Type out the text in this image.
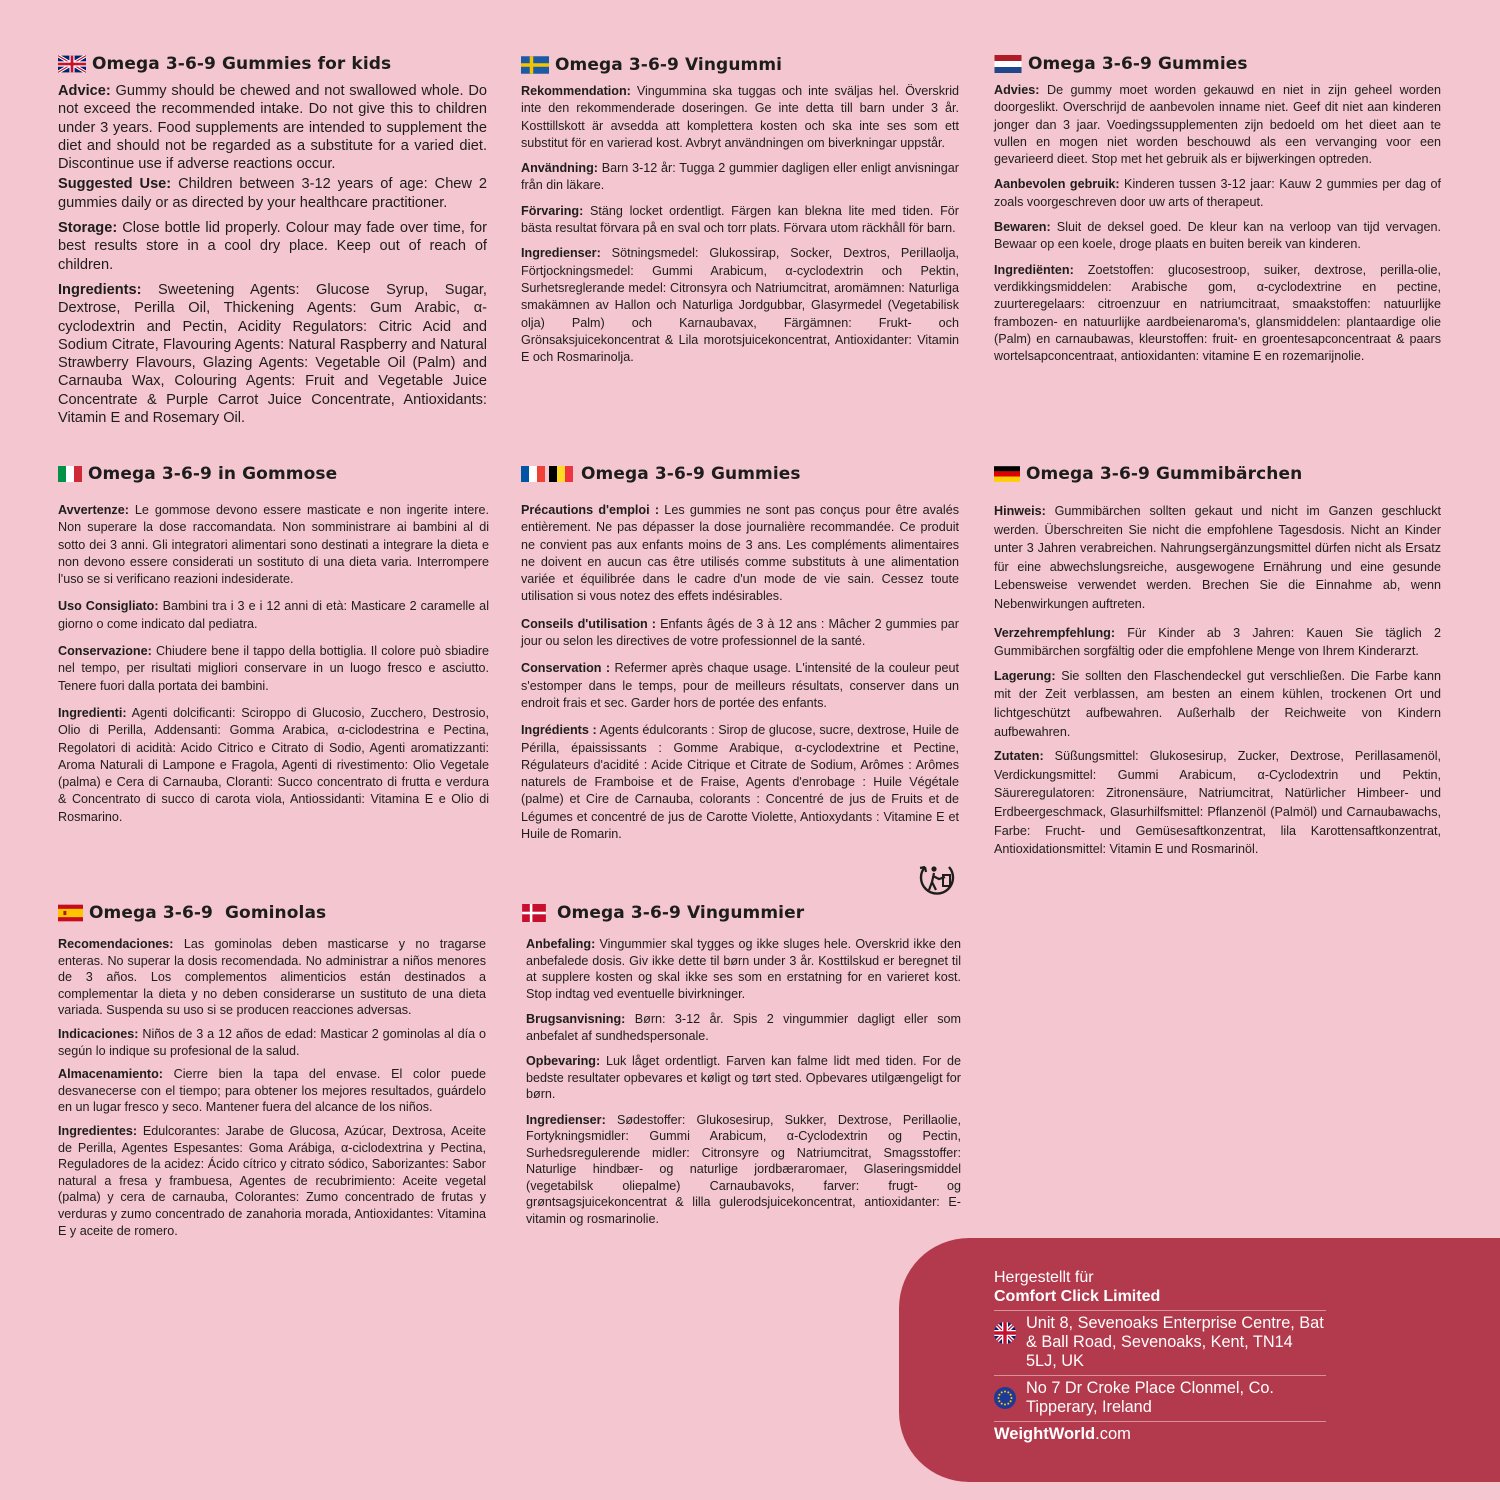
Omega 3-6-9 Gummies for kids

Advice: Gummy should be chewed and not swallowed whole. Do not exceed the recommended intake. Do not give this to children under 3 years. Food supplements are intended to supplement the diet and should not be regarded as a substitute for a varied diet. Discontinue use if adverse reactions occur.

Suggested Use: Children between 3-12 years of age: Chew 2 gummies daily or as directed by your healthcare practitioner.

Storage: Close bottle lid properly. Colour may fade over time, for best results store in a cool dry place. Keep out of reach of children.

Ingredients: Sweetening Agents: Glucose Syrup, Sugar, Dextrose, Perilla Oil, Thickening Agents: Gum Arabic, α-cyclodextrin and Pectin, Acidity Regulators: Citric Acid and Sodium Citrate, Flavouring Agents: Natural Raspberry and Natural Strawberry Flavours, Glazing Agents: Vegetable Oil (Palm) and Carnauba Wax, Colouring Agents: Fruit and Vegetable Juice Concentrate & Purple Carrot Juice Concentrate, Antioxidants: Vitamin E and Rosemary Oil.

Omega 3-6-9 Vingummi

Rekommendation: Vingummina ska tuggas och inte sväljas hel. Överskrid inte den rekommenderade doseringen. Ge inte detta till barn under 3 år. Kosttillskott är avsedda att komplettera kosten och ska inte ses som ett substitut för en varierad kost. Avbryt användningen om biverkningar uppstår.

Användning: Barn 3-12 år: Tugga 2 gummier dagligen eller enligt anvisningar från din läkare.

Förvaring: Stäng locket ordentligt. Färgen kan blekna lite med tiden. För bästa resultat förvara på en sval och torr plats. Förvara utom räckhåll för barn.

Ingredienser: Sötningsmedel: Glukossirap, Socker, Dextros, Perillaolja, Förtjockningsmedel: Gummi Arabicum, α-cyclodextrin och Pektin, Surhetsreglerande medel: Citronsyra och Natriumcitrat, aromämnen: Naturliga smakämnen av Hallon och Naturliga Jordgubbar, Glasyrmedel (Vegetabilisk olja) Palm) och Karnaubavax, Färgämnen: Frukt- och Grönsaksjuicekoncentrat & Lila morotsjuicekoncentrat, Antioxidanter: Vitamin E och Rosmarinolja.

Omega 3-6-9 Gummies

Advies: De gummy moet worden gekauwd en niet in zijn geheel worden doorgeslikt. Overschrijd de aanbevolen inname niet. Geef dit niet aan kinderen jonger dan 3 jaar. Voedingssupplementen zijn bedoeld om het dieet aan te vullen en mogen niet worden beschouwd als een vervanging voor een gevarieerd dieet. Stop met het gebruik als er bijwerkingen optreden.

Aanbevolen gebruik: Kinderen tussen 3-12 jaar: Kauw 2 gummies per dag of zoals voorgeschreven door uw arts of therapeut.

Bewaren: Sluit de deksel goed. De kleur kan na verloop van tijd vervagen. Bewaar op een koele, droge plaats en buiten bereik van kinderen.

Ingrediënten: Zoetstoffen: glucosestroop, suiker, dextrose, perilla-olie, verdikkingsmiddelen: Arabische gom, α-cyclodextrine en pectine, zuurteregelaars: citroenzuur en natriumcitraat, smaakstoffen: natuurlijke frambozen- en natuurlijke aardbeienaroma's, glansmiddelen: plantaardige olie (Palm) en carnaubawas, kleurstoffen: fruit- en groentesapconcentraat & paars wortelsapconcentraat, antioxidanten: vitamine E en rozemarijnolie.

Omega 3-6-9 in Gommose

Avvertenze: Le gommose devono essere masticate e non ingerite intere. Non superare la dose raccomandata. Non somministrare ai bambini al di sotto dei 3 anni. Gli integratori alimentari sono destinati a integrare la dieta e non devono essere considerati un sostituto di una dieta varia. Interrompere l'uso se si verificano reazioni indesiderate.

Uso Consigliato: Bambini tra i 3 e i 12 anni di età: Masticare 2 caramelle al giorno o come indicato dal pediatra.

Conservazione: Chiudere bene il tappo della bottiglia. Il colore può sbiadire nel tempo, per risultati migliori conservare in un luogo fresco e asciutto. Tenere fuori dalla portata dei bambini.

Ingredienti: Agenti dolcificanti: Sciroppo di Glucosio, Zucchero, Destrosio, Olio di Perilla, Addensanti: Gomma Arabica, α-ciclodestrina e Pectina, Regolatori di acidità: Acido Citrico e Citrato di Sodio, Agenti aromatizzanti: Aroma Naturali di Lampone e Fragola, Agenti di rivestimento: Olio Vegetale (palma) e Cera di Carnauba, Cloranti: Succo concentrato di frutta e verdura & Concentrato di succo di carota viola, Antiossidanti: Vitamina E e Olio di Rosmarino.

Omega 3-6-9 Gummies

Précautions d'emploi : Les gummies ne sont pas conçus pour être avalés entièrement. Ne pas dépasser la dose journalière recommandée. Ce produit ne convient pas aux enfants moins de 3 ans. Les compléments alimentaires ne doivent en aucun cas être utilisés comme substituts à une alimentation variée et équilibrée dans le cadre d'un mode de vie sain. Cessez toute utilisation si vous notez des effets indésirables.

Conseils d'utilisation : Enfants âgés de 3 à 12 ans : Mâcher 2 gummies par jour ou selon les directives de votre professionnel de la santé.

Conservation : Refermer après chaque usage. L'intensité de la couleur peut s'estomper dans le temps, pour de meilleurs résultats, conserver dans un endroit frais et sec. Garder hors de portée des enfants.

Ingrédients : Agents édulcorants : Sirop de glucose, sucre, dextrose, Huile de Périlla, épaississants : Gomme Arabique, α-cyclodextrine et Pectine, Régulateurs d'acidité : Acide Citrique et Citrate de Sodium, Arômes : Arômes naturels de Framboise et de Fraise, Agents d'enrobage : Huile Végétale (palme) et Cire de Carnauba, colorants : Concentré de jus de Fruits et de Légumes et concentré de jus de Carotte Violette, Antioxydants : Vitamine E et Huile de Romarin.

Omega 3-6-9 Gummibärchen

Hinweis: Gummibärchen sollten gekaut und nicht im Ganzen geschluckt werden. Überschreiten Sie nicht die empfohlene Tagesdosis. Nicht an Kinder unter 3 Jahren verabreichen. Nahrungsergänzungsmittel dürfen nicht als Ersatz für eine abwechslungsreiche, ausgewogene Ernährung und eine gesunde Lebensweise verwendet werden. Brechen Sie die Einnahme ab, wenn Nebenwirkungen auftreten.

Verzehrempfehlung: Für Kinder ab 3 Jahren: Kauen Sie täglich 2 Gummibärchen sorgfältig oder die empfohlene Menge von Ihrem Kinderarzt.

Lagerung: Sie sollten den Flaschendeckel gut verschließen. Die Farbe kann mit der Zeit verblassen, am besten an einem kühlen, trockenen Ort und lichtgeschützt aufbewahren. Außerhalb der Reichweite von Kindern aufbewahren.

Zutaten: Süßungsmittel: Glukosesirup, Zucker, Dextrose, Perillasamenöl, Verdickungsmittel: Gummi Arabicum, α-Cyclodextrin und Pektin, Säureregulatoren: Zitronensäure, Natriumcitrat, Natürlicher Himbeer- und Erdbeergeschmack, Glasurhilfsmittel: Pflanzenöl (Palmöl) und Carnaubawachs, Farbe: Frucht- und Gemüsesaftkonzentrat, lila Karottensaftkonzentrat, Antioxidationsmittel: Vitamin E und Rosmarinöl.

Omega 3-6-9  Gominolas

Recomendaciones: Las gominolas deben masticarse y no tragarse enteras. No superar la dosis recomendada. No administrar a niños menores de 3 años. Los complementos alimenticios están destinados a complementar la dieta y no deben considerarse un sustituto de una dieta variada. Suspenda su uso si se producen reacciones adversas.

Indicaciones: Niños de 3 a 12 años de edad: Masticar 2 gominolas al día o según lo indique su profesional de la salud.

Almacenamiento: Cierre bien la tapa del envase. El color puede desvanecerse con el tiempo; para obtener los mejores resultados, guárdelo en un lugar fresco y seco. Mantener fuera del alcance de los niños.

Ingredientes: Edulcorantes: Jarabe de Glucosa, Azúcar, Dextrosa, Aceite de Perilla, Agentes Espesantes: Goma Arábiga, α-ciclodextrina y Pectina, Reguladores de la acidez: Ácido cítrico y citrato sódico, Saborizantes: Sabor natural a fresa y frambuesa, Agentes de recubrimiento: Aceite vegetal (palma) y cera de carnauba, Colorantes: Zumo concentrado de frutas y verduras y zumo concentrado de zanahoria morada, Antioxidantes: Vitamina E y aceite de romero.

Omega 3-6-9 Vingummier

Anbefaling: Vingummier skal tygges og ikke sluges hele. Overskrid ikke den anbefalede dosis. Giv ikke dette til børn under 3 år. Kosttilskud er beregnet til at supplere kosten og skal ikke ses som en erstatning for en varieret kost. Stop indtag ved eventuelle bivirkninger.

Brugsanvisning: Børn: 3-12 år. Spis 2 vingummier dagligt eller som anbefalet af sundhedspersonale.

Opbevaring: Luk låget ordentligt. Farven kan falme lidt med tiden. For de bedste resultater opbevares et køligt og tørt sted. Opbevares utilgængeligt for børn.

Ingredienser: Sødestoffer: Glukosesirup, Sukker, Dextrose, Perillaolie, Fortykningsmidler: Gummi Arabicum, α-Cyclodextrin og Pectin, Surhedsregulerende midler: Citronsyre og Natriumcitrat, Smagsstoffer: Naturlige hindbær- og naturlige jordbæraromaer, Glaseringsmiddel (vegetabilsk oliepalme) Carnaubavoks, farver: frugt- og grøntsagsjuicekoncentrat & lilla gulerodsjuicekoncentrat, antioxidanter: E-vitamin og rosmarinolie.

Hergestellt für
Comfort Click Limited
Unit 8, Sevenoaks Enterprise Centre, Bat & Ball Road, Sevenoaks, Kent, TN14 5LJ, UK
No 7 Dr Croke Place Clonmel, Co. Tipperary, Ireland
WeightWorld.com
